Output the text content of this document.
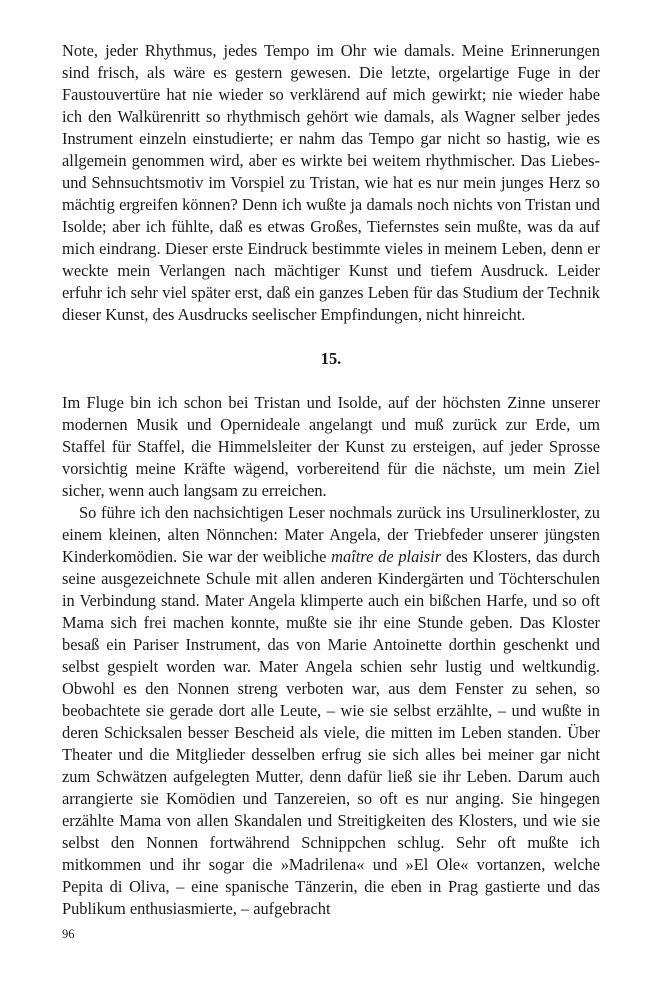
Note, jeder Rhythmus, jedes Tempo im Ohr wie damals. Meine Erinnerungen sind frisch, als wäre es gestern gewesen. Die letzte, orgelartige Fuge in der Faustouvertüre hat nie wieder so verklärend auf mich gewirkt; nie wieder habe ich den Walkürenritt so rhythmisch gehört wie damals, als Wagner selber jedes Instrument einzeln einstudierte; er nahm das Tempo gar nicht so hastig, wie es allgemein genommen wird, aber es wirkte bei weitem rhythmischer. Das Liebes- und Sehnsuchtsmotiv im Vorspiel zu Tristan, wie hat es nur mein junges Herz so mächtig ergreifen können? Denn ich wußte ja damals noch nichts von Tristan und Isolde; aber ich fühlte, daß es etwas Großes, Tiefernstes sein mußte, was da auf mich eindrang. Dieser erste Eindruck bestimmte vieles in meinem Leben, denn er weckte mein Verlangen nach mächtiger Kunst und tiefem Ausdruck. Leider erfuhr ich sehr viel später erst, daß ein ganzes Leben für das Studium der Technik dieser Kunst, des Ausdrucks seelischer Empfindungen, nicht hinreicht.

15.

Im Fluge bin ich schon bei Tristan und Isolde, auf der höchsten Zinne unserer modernen Musik und Opernideale angelangt und muß zurück zur Erde, um Staffel für Staffel, die Himmelsleiter der Kunst zu ersteigen, auf jeder Sprosse vorsichtig meine Kräfte wägend, vorbereitend für die nächste, um mein Ziel sicher, wenn auch langsam zu erreichen.

So führe ich den nachsichtigen Leser nochmals zurück ins Ursulinerkloster, zu einem kleinen, alten Nönnchen: Mater Angela, der Triebfeder unserer jüngsten Kinderkomödien. Sie war der weibliche maître de plaisir des Klosters, das durch seine ausgezeichnete Schule mit allen anderen Kindergärten und Töchterschulen in Verbindung stand. Mater Angela klimperte auch ein bißchen Harfe, und so oft Mama sich frei machen konnte, mußte sie ihr eine Stunde geben. Das Kloster besaß ein Pariser Instrument, das von Marie Antoinette dorthin geschenkt und selbst gespielt worden war. Mater Angela schien sehr lustig und weltkundig. Obwohl es den Nonnen streng verboten war, aus dem Fenster zu sehen, so beobachtete sie gerade dort alle Leute, – wie sie selbst erzählte, – und wußte in deren Schicksalen besser Bescheid als viele, die mitten im Leben standen. Über Theater und die Mitglieder desselben erfrug sie sich alles bei meiner gar nicht zum Schwätzen aufgelegten Mutter, denn dafür ließ sie ihr Leben. Darum auch arrangierte sie Komödien und Tanzereien, so oft es nur anging. Sie hingegen erzählte Mama von allen Skandalen und Streitigkeiten des Klosters, und wie sie selbst den Nonnen fortwährend Schnippchen schlug. Sehr oft mußte ich mitkommen und ihr sogar die »Madrilena« und »El Ole« vortanzen, welche Pepita di Oliva, – eine spanische Tänzerin, die eben in Prag gastierte und das Publikum enthusiasmierte, – aufgebracht

96
